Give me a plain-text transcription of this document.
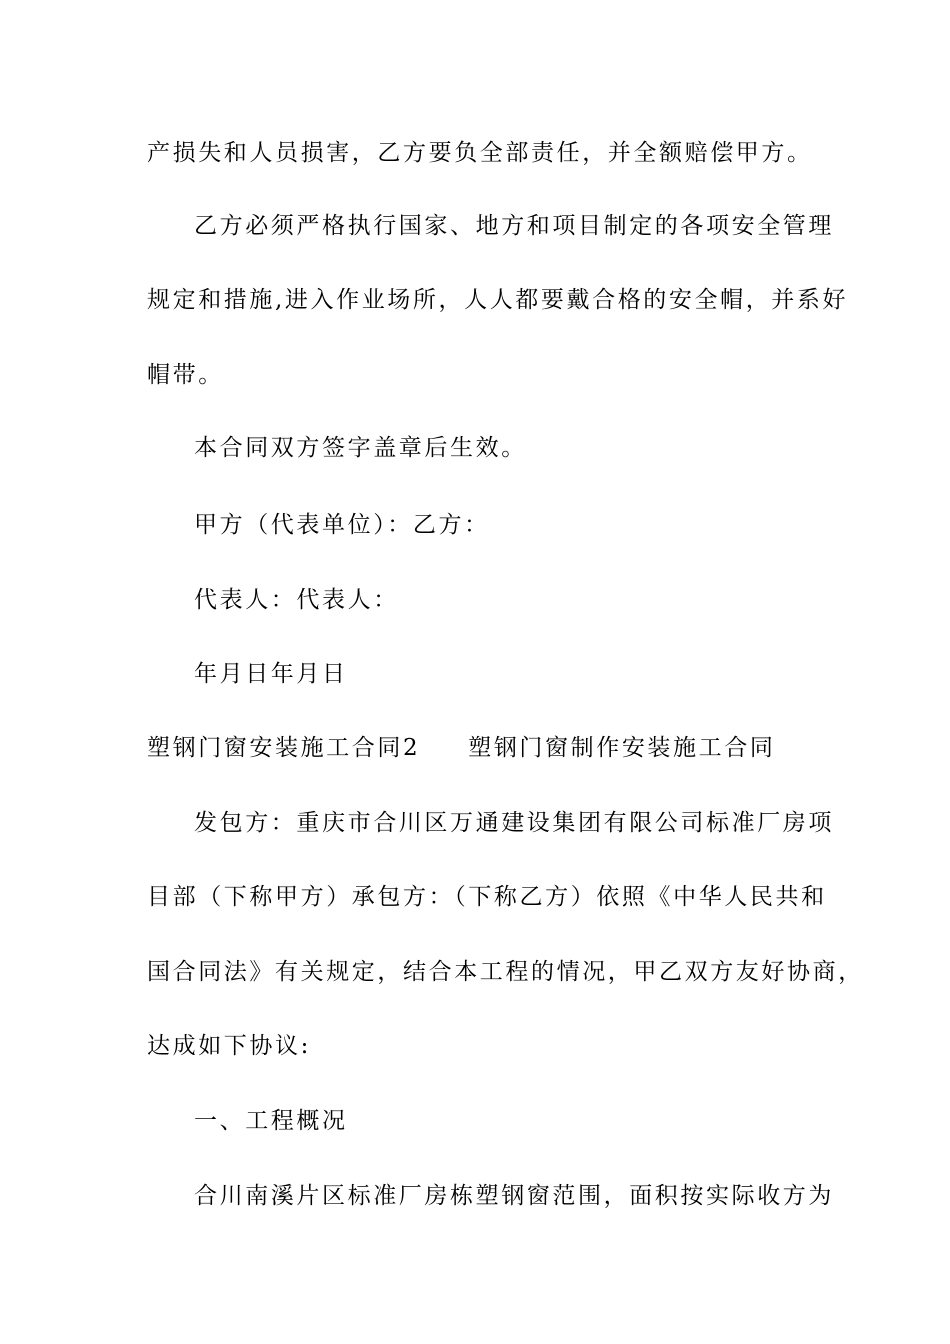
产损失和人员损害，乙方要负全部责任，并全额赔偿甲方。
乙方必须严格执行国家、地方和项目制定的各项安全管理
规定和措施,进入作业场所，人人都要戴合格的安全帽，并系好
帽带。
本合同双方签字盖章后生效。
甲方（代表单位）：乙方：
代表人：代表人：
年月日年月日
塑钢门窗安装施工合同2 塑钢门窗制作安装施工合同
发包方：重庆市合川区万通建设集团有限公司标准厂房项
目部（下称甲方）承包方：（下称乙方）依照《中华人民共和
国合同法》有关规定，结合本工程的情况，甲乙双方友好协商，
达成如下协议:
一、工程概况
合川南溪片区标准厂房栋塑钢窗范围，面积按实际收方为
